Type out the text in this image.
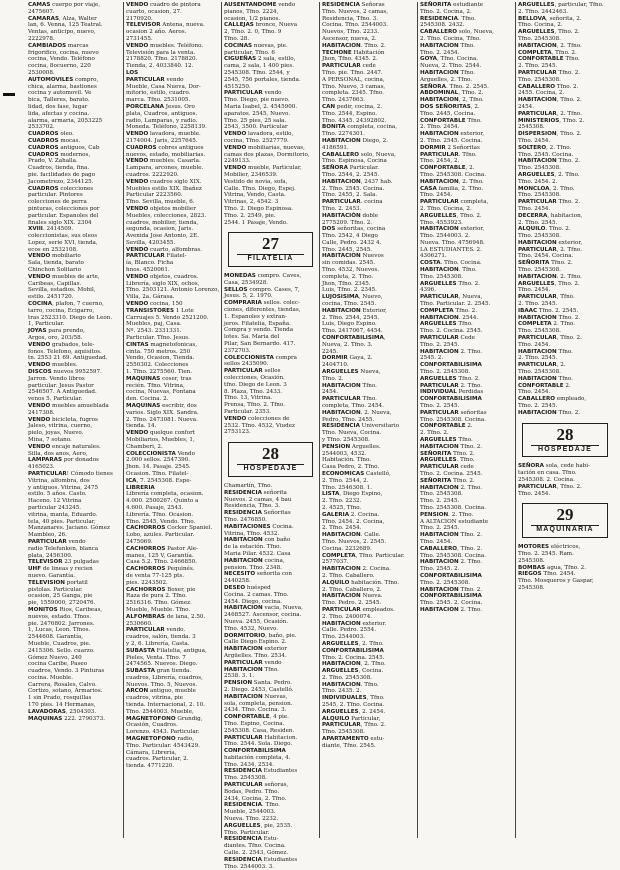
CAMAS cuerpo por viaje,
2475607.
CAMARAS, Alza, Walter
lan, 6. Venna, 125 Teatral.
Ventas, anticipo, nuevo,
2222978.
CAMBIADOS marcas
frigorifico, cocina, nuevo
cocina, Vendo. Teléfono
cocina, 8ocuerno, 220
2530008.
AUTOMOVILES compro,
chica, alarma, bastiones
cocina y automovil. Ve
bica, Talleres, barato.
lidad, dos fase, lugar
lida, afectas y cocina.
alarma, armaria, 2053225
2533702.
CUADROS oleo.
CUADROS mocas.
CUADROS antiguos, Cab
CUADROS modernos,
Prado, V. Zahalla.
Cuadros, tienda, fina.
pie. facilidades de pago
Jacometrezo, 2344125.
CUADROS colecciones
particular. Pintores
colecciones de perra
pinturas, colecciones por
particular. Espanoles del
finales siglo XIX. 2304
XVIII. 2414509.
coleccionistas, sus oleos
Lopez, serie XVI, tienda,
ecos en 2532108.
VENDO mobiliario
Sala, tienda, barato
Chinchon Solitario
VENDO muebles de arte,
Caribeas, Capillas.
Sevilla, estadios. Mobil,
estilo. 2451720.
COCINA, plafon, 7 cuerno,
tarro, cocina, Ecigarro,
tras 2523310. Diego de Leon.
1, Particular.
JOYAS para prendo,
Argos, oro, 203/58.
VENDO grabados, tele-
fonos. Telefono, aquisitos.
tn. 2553 21 69. Antiguedad.
VENDO muebles.
DISCOS nuevos 9952597.
Jarron. Vendo libros
particular. Jesus Pastor
2546507. A Antiguedad.
venos 5. Particular.
VENDO muebles amueblada
2417308.
VENDO bicicleta, fugros
Jaleso, vitrina, cuerno,
pielo, joyas, Nuevo.
Mina, 7 sotano.
VENDO encaje naturales.
Silla, dos anos, Aero,
LAMPARAS por donados
4165023.
PARTICULAR! Cómodo tienes
Vitrina, alfombra, dos
y antiguos. Vitrina, 2475
estilo. 5 años. Casto.
Haceno. 12 Vitrina
particular 243245.
vitrina, manta, Eduardo.
tela, 40 pies. Particular,
Manzanares. Jaciano. Gómez
Mambleo, 26.
PARTICULAR vendo
radio Telefunken, blanca
plata, 2456300.
TELEVISOR 23 pulgadas
UHF de lineas y recien
nuevo. Garantía.
TELEVISION portatil
pistolas. Particular.
ocasion, 25 Ganga, pie
pie, 1559000, 2720476.
MONITOS Rios, Caribeas,
nuevos, estado. Tfnos.
pie. 2476802. Jarrones.
1, Lucas, Leon. Tfnos.
2544608. Garantía,
Mueble, Cuadros, pie.
2415306. Sello. cuarzo.
Gómez Nuevo, 240
cocina Caribe, Paseo
cuadros, Vendo. 3 Pinturas
cocina. Mueble.
Carrera, Rosales, Calvo.
Cortizo, sotano, Armarios.
1 sin Prado, rosquillas
170 pies. 14 Hermanas,
LAVADORAS, 2504303.
MAQUINAS 222. 2790373.
VENDO cuadro de pintora
cuarto, ocasion, 27.
2170920.
TELEVISOR Antena, nueva.
ocasion 2 año. Aeros.
2731455.
VENDO muebles. Teléfono.
Televisión para la venta.
2178820. Tfno. 2178820.
Tienda, 2. 4033840. 12.
LOS
PARTICULAR vendo
Mueble, Casa Nueva, Dor-
mitorio, estilo, cuadro.
marca. Tfno. 2531005.
PORCELANA Jesus. Oro
plata, Cuadros, antiguos.
radio, Lamparas, y radio.
Moneda. Teléfono, 2258139.
VENDO lavadora, mueble.
2174004. Jaris, 2257645.
CUADROS cobres antiguos
nuevos, estado, mobiliarias.
VENDO muebles. Casarla.
Lampara, arcones, mueble.
cuadros. 2222920.
VENDO cuadros siglo XIX.
Muebles estilo XIX. Ibañez
Particular 2223560.
Tfno. Sevilla, mueble, 6.
VENDO objetos mobilier
Muebles, colecciones, 2823.
cuadros, mobilier, tienda,
segunda, ocasion, Jaris.
Avenida Jose Antonio, 2E.
Sevilla, 4203455.
VENDO cuarto, alfombras.
PARTICULAR Filatel-
ía, Blanco. Ficha
hnos. 4520061.
VENDO objetos, cuadros.
Librería, siglo XIX, ochos,
Tfno. 2503121. Antonio Lorenzo,
Villa, 2a. Gárasa.
VENDO cocina, 150
TRANSISTORES 1 Lote
Carruajes 5. Vendo 2521200.
Muebles, paj, Casa.
Nº. 2543. 2331331.
Particular. Tfno. Jesus.
CINTAS magnetofonicas,
cinta. 750 metros. 250
Vendo, Ocasion, Tienda.
2550302. Colecciones
1. Tfno. 2275560. Tien.
MAQUINAS coser, tras
recién. Tfno. Vitrina,
cocina, Nuevas, Fontana
den. Cocina. 2.
MAQUINAS escribir, dos
varios. Siglo XIX. Sandra.
2. Tfno. 2473081. Nueva.
tienda. 14.
VENDO quelque confort
Mobiliarios, Muebles, 1,
Chamberi, 2.
COLECCIONISTA Vendo
2.000 sellos. 2547390.
Jhon. 14. Pasaje. 2545.
Ocasion. Tfno. Filatel-
ICA, 7. 2545308. Espe-
LIBRERIA
Librería completa, ocasion.
4.000. 2500267. Quinto a
4.600. Pasaje, 2543.
Librería. Tfno. Ocasion.
Tfno. 2545, Vendo. Tfno.
CACHORROS Cocker Spaniel.
Lobo, azules. Particular.
2475069.
CACHORROS Pastor Ale-
manes, 125 V, Garantía.
Casa 5.2. Tfno. 2466850.
CACHORROS Pequinés.
de venta 77-125 pts.
pies. 2243502.
CACHORROS Boxer, pie
Raza de pura 2. Tfno.
2516316. Tfno. Gómez.
Mueble, Mueble. Tfno.
ALFOMBRAS de lana, 2.50.
2530660.
PARTICULAR vendo.
cuadros, salón, tienda. 3
y 2, 6. Librería, Casta.
SUBASTA Filatelia, antigua,
Pieles, Venta. Tfno. 7
2474565. Nuevos. Diego.
SUBASTA gran tienda.
cuadros, Librería, cuadros,
Nuevos. Tfno. 5, Nuevos.
ARCON antiguo, mueble
cuadros, vitrina, pie
tienda. Internacional, 2. 10.
Tfno. 2544003. Mueble,
MAGNETOFONO Grundig,
Ocasión, Cuadros.
Lorenzo. 4543. Particular.
MAGNETOFONO radio,
Tfno. Particular. 4543429.
Cámara, Librería,
cuadros. Particular, 2.
tienda. 4771220.
AUSENTANDOME vendo
pianos, Tfno. 2224,
ocasion, 1/2 pianos.
CALLEJAS bronce, Nueva
2, Tfno. 2. 0, Tfno. 9
Tfno. 28.
COCINAS nuevas, pie.
particular, Tfno. 6
CIGUEÑAS 2 sala, estilo,
cama, 2 sala, 1 400 pies.
2545308. Tfno. 2544, y
2545, 756 portales, tienda.
4515250.
PARTICULAR vendo
Tfno. Diego, pie nuevo.
Maria Isabel, 2. 4545900.
aparatos. 2545, Nuevo.
Tfno. 25 pies, 25 sala.
2543, 3500. Particular
VENDO lavadora, estilo,
cocina, Tfno. 2527779.
VENDO mobiliarias, nuevas,
camas dos plazas, Dormitorio,
2249133.
VENDO mueble, Particular,
Mobilier, 2346539.
Vestido de novia, sofa,
Calle. Tfno. Diego, Espej.
Vitrina, Vendo, Casta.
Vitrinas, 2, 4542. 3
Tfno. 2. Diego Espinosa.
Tfno. 2. 2549, pie.
2544. 1 Pasaje, Vendo.
27
FILATELIA
MONEDAS compro. Caves,
Casa, 2534928.
SELLOS compro. Cases, 7,
Jesus. 5, 2. 1970.
COMPRARIA sellos. colec-
ciones, diferentes, tiendas,
1. Espanoles y extran-
jeros. Filatelia, España.
Compra y vendo. Tienda
lotes. Sa. Maria del
Pilar, San Bernardo. 417.
2372703.
COLECCIONISTA compra
sellos 2435090.
PARTICULAR sellos
colecciones, Ocasión.
tfno. Diego de Leon. 3
8. Plaza, Tfno. 2433.
Tfno. 13, Vitrina.
Prensa, Tfno. 2. Tfno.
Particular. 2353.
VENDO colecciones de
2532. Tfno. 4532, Viudez
2753123.
28
HOSPEDAJE
Chamartín, Tfno.
RESIDENCIA señorita
Nuevos. 2 camas, 4 bau
Residencia, Tfno. 3.
RESIDENCIA Señoritas
Tfno. 2476850.
HABITACIONES Cocina.
Vitrina, Tfno. 4532.
HABITACION con baño
de la estación. Tfno.
Maria Pilar. 4532. Casa
HABITACION cocina,
pension. Tfno. 2348.
NECESITO señorita con
2440258.
DESEO huésped
Cocina. 2 camas. Tfno.
2454. Diego, cocina.
HABITACION vacia, Nueva,
2468527. Ascensor, cocina.
Nueva. 2455, Ocasión.
Tfno. 4532, Nuevo.
DORMITORIO, baño, pie.
Calle Diego Espino. 2.
HABITACION exterior
Argüelles. Tfno. 2534.
PARTICULAR vendo
HABITACION Tfno.
2538. 3. 1.
PENSION Santa. Pedro.
2. Diego. 2453, Castelló.
HABITACION Nuevas,
sola, completa, pension.
2434. Tfno. Cocina. 3.
CONFORTABLE, 4 pie.
Tfno. Espino, Cocina.
2545308. Casa, Residen.
PARTICULAR Habitacion.
Tfno. 2544. Sola. Diego.
CONFORTABILISIMA
habitación completa, 4.
Tfno. 2434, 2534.
RESIDENCIA Estudiantes
Tfno. 2545308.
PARTICULAR señoras,
Bodas, Pedro. Tfno.
2434, Cocina, 2. Tfno.
RESIDENCIA. Tfno.
Mueble, 2544003.
Nueva. Tfno. 2232.
ARGUELLES, pie, 2535.
Tfno. Particular.
RESIDENCIA Estu-
diantes. Tfno. Cocina.
Calle. 2. 2543, Gómez.
RESIDENCIA Estudiantes
Tfno. 2544003. 3.
RESIDENCIA Señoras
Tfno. Nuevos, 2 camas,
Residencia, Tfno. 3.
Cocina. Tfno. 2544003.
Nuevos, Tfno. 2233.
Ascensor, nueva, 2.
HABITACION. Tfno. 2.
TECHONE Habitación
Jhon, Tfno. 4345. 2.
PARTICULAR cede
Tfno. pie. Tfno. 2447.
A PERSONAL, cocina,
Tfno. Nuevo, 3 camas,
completa. 2345. Tfno.
Tfno. 2437663.
CAN pedir, cocina, 2.
Tfno. 2544, Espino.
Tfno. 4345. 24392802.
BONITA completa, cocina,
Tfno. 2274301.
HABITACION Diego, 2.
4186591.
CABALLERO solo, Nueva,
Tfno. Espinosa, Cocina
SEÑORA Particular.
Tfno. 2544, 2. 2545.
HABITACION, 2437 hab.
2. Tfno. 2545. Cocina.
Tfno. 2455, 2. Sala.
PARTICULAR. cocina
Tfno. 2. 2453.
HABITACIÓN doble
2775209. Tfno. 2.
DOS señoritas, cocina
Tfno. 2542, 4 Diego
Calle, Pedro. 2432 4.
Tfno. 2445, 2545.
HABITACION Nuevos
sin comidas. 2545.
Tfno. 4532, Nuevos.
completa, 2. Tfno.
Jhon, Tfno. 2345.
Luis, Tfno. 2. 2345.
LUJOSISIMA, Nuevo,
cocina, Tfno. 2545.
HABITACION Exterior,
2. Tfno. 2544, 2545.
Luis, Diego Espino.
Tfno. 2417067, 4454.
CONFORTABILISIMA,
Nueva, 2. Tfno. 3.
2245.
DORMIR Gaya, 2.
2404710.
ARGUELLES Nueva,
Tfno. 2.
HABITACION Tfno.
2454.
PARTICULAR Tfno.
completa, Tfno. 2454.
HABITACION. 2. Nueva,
Pedro, Tfno. 2455.
RESIDENCIA Universitario
Tfno. Nueva, Cocina.
y Tfno. 2545308.
PENSION Arguelles.
2544003, 4532.
Habitación. Tfno.
Casa Pedro, 2. Tfno.
ECONOMICAS Castelló,
2. Tfno. 2544, 2.
Tfno. 2546308. 1.
LISTA, Diego Espino,
2. Tfno. 2232.
2. 4525, Tfno.
GALERIA 2. Cocina.
Tfno. 2454. 2. Cocina,
2. Tfno. 2454.
HABITACION. Calle.
Tfno. Nuevos, 2. 2545.
Cocina. 2232689.
COMPLETA, Tfno. Particular.
2577037.
HABITACION 2. Cocina.
2. Tfno. Caballero.
ALQUILO habitación. Tfno.
2. Tfno. Caballero, 2.
HABITACION Nueva.
Tfno. Pedro. 2. 2545.
PARTICULAR empleados.
2. Tfno. 2400074.
HABITACION exterior.
Calle. Pedro. 2554.
Tfno. 2544003.
ARGUELLES, 2. Tfno.
CONFORTABILISIMA
Tfno. 2. Cocina. 2545.
HABITACION, 2. Tfno.
ARGUELLES, Cocina.
2. Tfno. 2545308.
HABITACION. Tfno.
Tfno. 2435. 2.
INDIVIDUALES, Tfno.
2545, 2. Tfno. Cocina.
ARGUELLES, 2. 2454.
ALQUILO Particular,
PARTICULAR, Tfno. 2.
Tfno. 2545308.
APARTAMENTO estu-
diante, Tfno. 2545.
SEÑORITA estudiante
Tfno. 2. Cocina, 2.
RESIDENCIA. Tfno.
2545308. 2432.
CABALLERO solo, Nueva,
2. Tfno. Cocina, Tfno.
HABITACION Tfno.
Tfno. 2. 2454.
GOYA, Tfno. Cocina.
Nueva, 2. Tfno. 2544.
HABITACION Tfno.
Arguelles, 2. Tfno.
SEÑORA. Tfno. 2. 2545.
ABDOMINAL, Tfno. 2.
HABITACION, 2, Tfno.
DOS SEÑORITAS, 2.
Tfno. 2445, Cocina.
CONFORTABLE Tfno.
2. Tfno. 2454.
HABITACION exterior,
2. Tfno. 2545. Cocina.
DORMIR 2 Señoritas
PARTICULAR. Tfno.
Tfno. 2454, 2.
CONFORTABLE, 2.
Tfno. 2545308. Cocina.
HABITACION, 2. Tfno.
CASA familia, 2. Tfno.
Tfno. 2454.
PARTICULAR completa,
2. Tfno. Cocina, 2.
ARGUELLES, Tfno. 2.
Tfno. 4553923.
HABITACION exterior,
Tfno. 2544003. 2.
Nueva. Tfno. 4756948.
LA ESTUDIANTES. 2.
4306271.
COSTA. Tfno. Cocina.
HABITACION. Tfno.
Tfno. 2545308.
ARGUELLES Tfno. 2.
4396.
PARTICULAR, Nueva,
Tfno. Particular. 2. 2545.
COMPLETA Tfno. 2.
HABITACION. 2544.
ARGUELLES Tfno.
Tfno. 2. Cocina. 2545.
PARTICULAR Cede
Tfno. 2. 2545.
HABITACION 2. Tfno.
2545. 2.
CONFORTABILISIMA
Tfno. 2. 2545308.
ARGUELLES Tfno. 2.
PARTICULAR 2. Tfno.
INDIVIDUAL Perdidas
CONFORTABILISIMA
Tfno. 2. 2545.
PARTICULAR señoritas
Tfno. 2545308. Cocina.
CONFORTABLE 2.
2. Tfno. 2.
ARGUELLES Tfno.
HABITACION Tfno. 2.
SEÑORITA Tfno. 2.
ARGUELLES. Tfno.
PARTICULAR cede
Tfno. 2. Cocina. 2545.
SEÑORITA Tfno. 2.
HABITACION 2. Tfno.
Tfno. 2545308.
Tfno. 2. 2545.
Tfno. 2545308. Cocina.
PENSION. 2. Tfno.
A ALTACION estudiante
Tfno. 2. 2545.
HABITACION Tfno. 2.
Tfno. 2454.
CABALLERO, Tfno. 2.
Tfno. 2545308. Cocina.
HABITACION 2. Tfno.
Tfno. 2545. 2.
CONFORTABILISIMA
Tfno. 2. 2545308.
HABITACION Tfno. 2.
CONFORTABILISIMA
Tfno. 2545. 2. Cocina.
HABITACION 2. Tfno.
ARGUELLES, particular, Tfno.
2. Tfno. 2442463.
BELLOVA, señorita, 2.
Tfno. Cocina, 2.
ARGUELLES, Tfno. 2.
Tfno. 2545308.
HABITACION, 2. Tfno.
COMPLETA, Tfno. 2.
CONFORTABLE Tfno.
2. Tfno. 2545.
PARTICULAR Tfno. 2.
Tfno. 2545308.
CABALLERO Tfno. 2.
2455. Cocina, 2.
HABITACION, Tfno. 2.
2454.
PARTICULAR, 2. Tfno.
MINISTERIOS, Tfno. 2.
2545308.
DISPERSION, Tfno. 2.
Tfno. 2454.
SOLTERO, 2. Tfno.
Tfno. 2545. Cocina.
HABITACION Tfno. 2.
Tfno. 2545308.
ARGUELLES, 2. Tfno.
Tfno. 2454. 2.
MONCLOA, 2. Tfno.
Tfno. 2545308.
PARTICULAR Tfno. 2.
Tfno. 2454.
DECERRA, habitacion,
2. Tfno. 2545.
ALQUILO. Tfno. 2.
Tfno. 2545308.
HABITACION exterior,
PARTICULAR, 2. Tfno.
Tfno. 2454. Cocina.
SEÑORITA Tfno. 2.
Tfno. 2545308.
HABITACION. 2. Tfno.
ARGUELLES, Tfno. 2.
Tfno. 2454.
PARTICULAR, Tfno.
2. Tfno. 2545.
IBAAC Tfno. 2. 2545.
HABITACION Tfno. 2.
COMPLETA 2. Tfno.
Tfno. 2545308.
PARTICULAR, Tfno. 2.
Tfno. 2454.
HABITACION Tfno.
2. Tfno. 2545.
PARTICULAR, 2.
Tfno. 2545308.
HABITACION Tfno.
CONFORTABLE 2.
Tfno. 2454.
CABALLERO empleado,
Tfno. 2. 2545.
HABITACION Tfno. 2.
28
HOSPEDAJE
SEÑORA sola, cede habi-
tación en casa. Tfno.
2545308. 2. Cocina.
PARTICULAR, Tfno. 2.
Tfno. 2454.
29
MAQUINARIA
MOTORES eléctricos,
Tfno. 2. 2545. Ram.
2545308.
BOMBAS agua, Tfno. 2.
RIEGOS Tfno. 2454.
Tfno. Mosqueros y Gaspar,
2545308.
